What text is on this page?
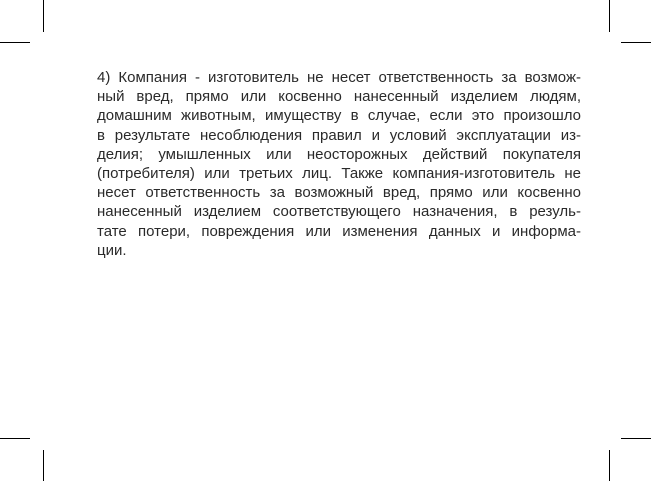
4) Компания - изготовитель не несет ответственность за возмож-
ный вред, прямо или косвенно нанесенный изделием людям,
домашним животным, имуществу в случае, если это произошло
в результате несоблюдения правил и условий эксплуатации из-
делия; умышленных или неосторожных действий покупателя
(потребителя) или третьих лиц. Также компания-изготовитель не
несет ответственность за возможный вред, прямо или косвенно
нанесенный изделием соответствующего назначения, в резуль-
тате потери, повреждения или изменения данных и информа-
ции.
